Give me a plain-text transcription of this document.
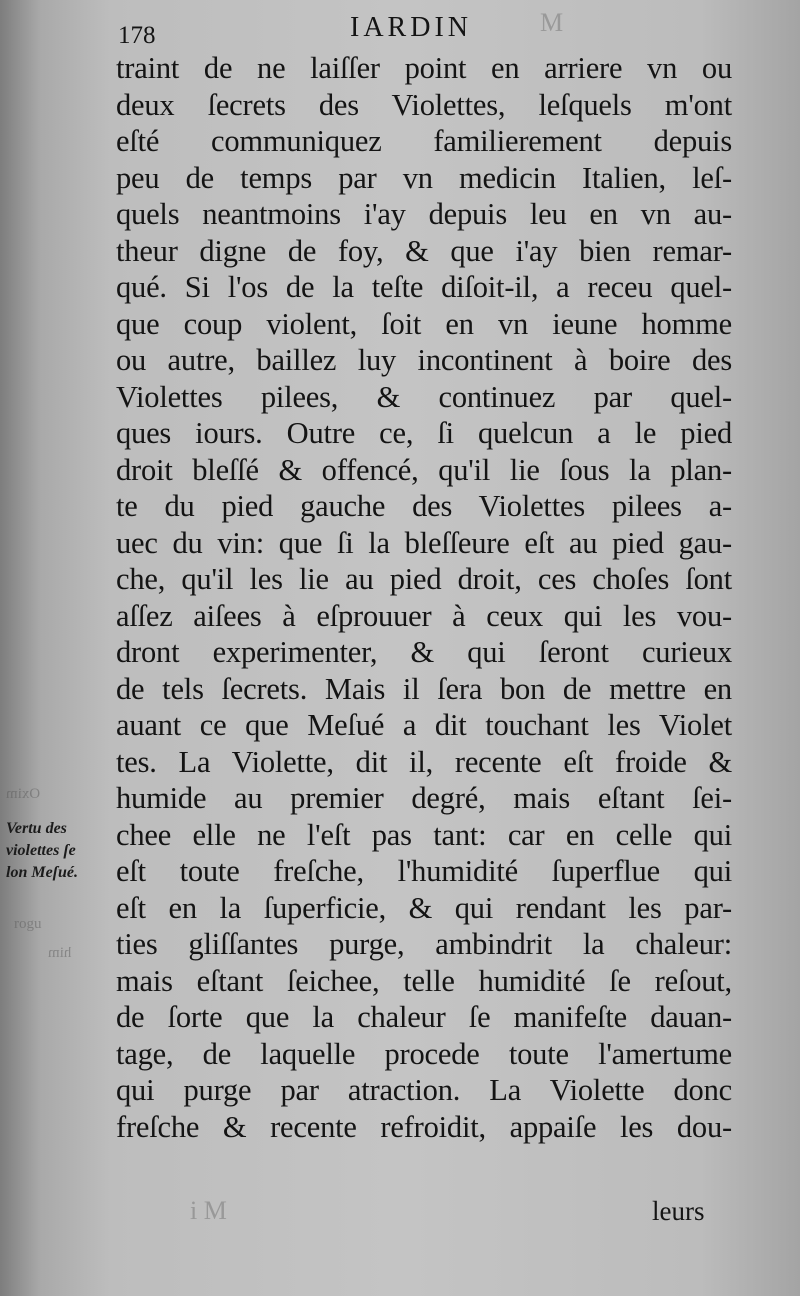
178	IARDIN	M
traint de ne laiſſer point en arriere vn ou
deux ſecrets des Violettes, leſquels m'ont
eſté communiquez familierement depuis
peu de temps par vn medicin Italien, leſ-
quels neantmoins i'ay depuis leu en vn au-
theur digne de foy, & que i'ay bien remar-
qué. Si l'os de la teſte diſoit-il, a receu quel-
que coup violent, ſoit en vn ieune homme
ou autre, baillez luy incontinent à boire des
Violettes pilees, & continuez par quel-
ques iours. Outre ce, ſi quelcun a le pied
droit bleſſé & offencé, qu'il lie ſous la plan-
te du pied gauche des Violettes pilees a-
uec du vin: que ſi la bleſſeure eſt au pied gau-
che, qu'il les lie au pied droit, ces choſes ſont
aſſez aiſees à eſprouuer à ceux qui les vou-
dront experimenter, & qui ſeront curieux
de tels ſecrets. Mais il ſera bon de mettre en
auant ce que Meſué a dit touchant les Violet
tes. La Violette, dit il, recente eſt froide &
humide au premier degré, mais eſtant ſei-
chee elle ne l'eſt pas tant: car en celle qui
eſt toute freſche, l'humidité ſuperflue qui
eſt en la ſuperficie, & qui rendant les par-
ties gliſſantes purge, ambindrit la chaleur:
mais eſtant ſeichee, telle humidité ſe reſout,
de ſorte que la chaleur ſe manifeſte dauan-
tage, de laquelle procede toute l'amertume
qui purge par atraction. La Violette donc
freſche & recente refroidit, appaiſe les dou-
Oxim
rogu
him
Vertu des
violettes ſe
lon Meſué.
i M	leurs
